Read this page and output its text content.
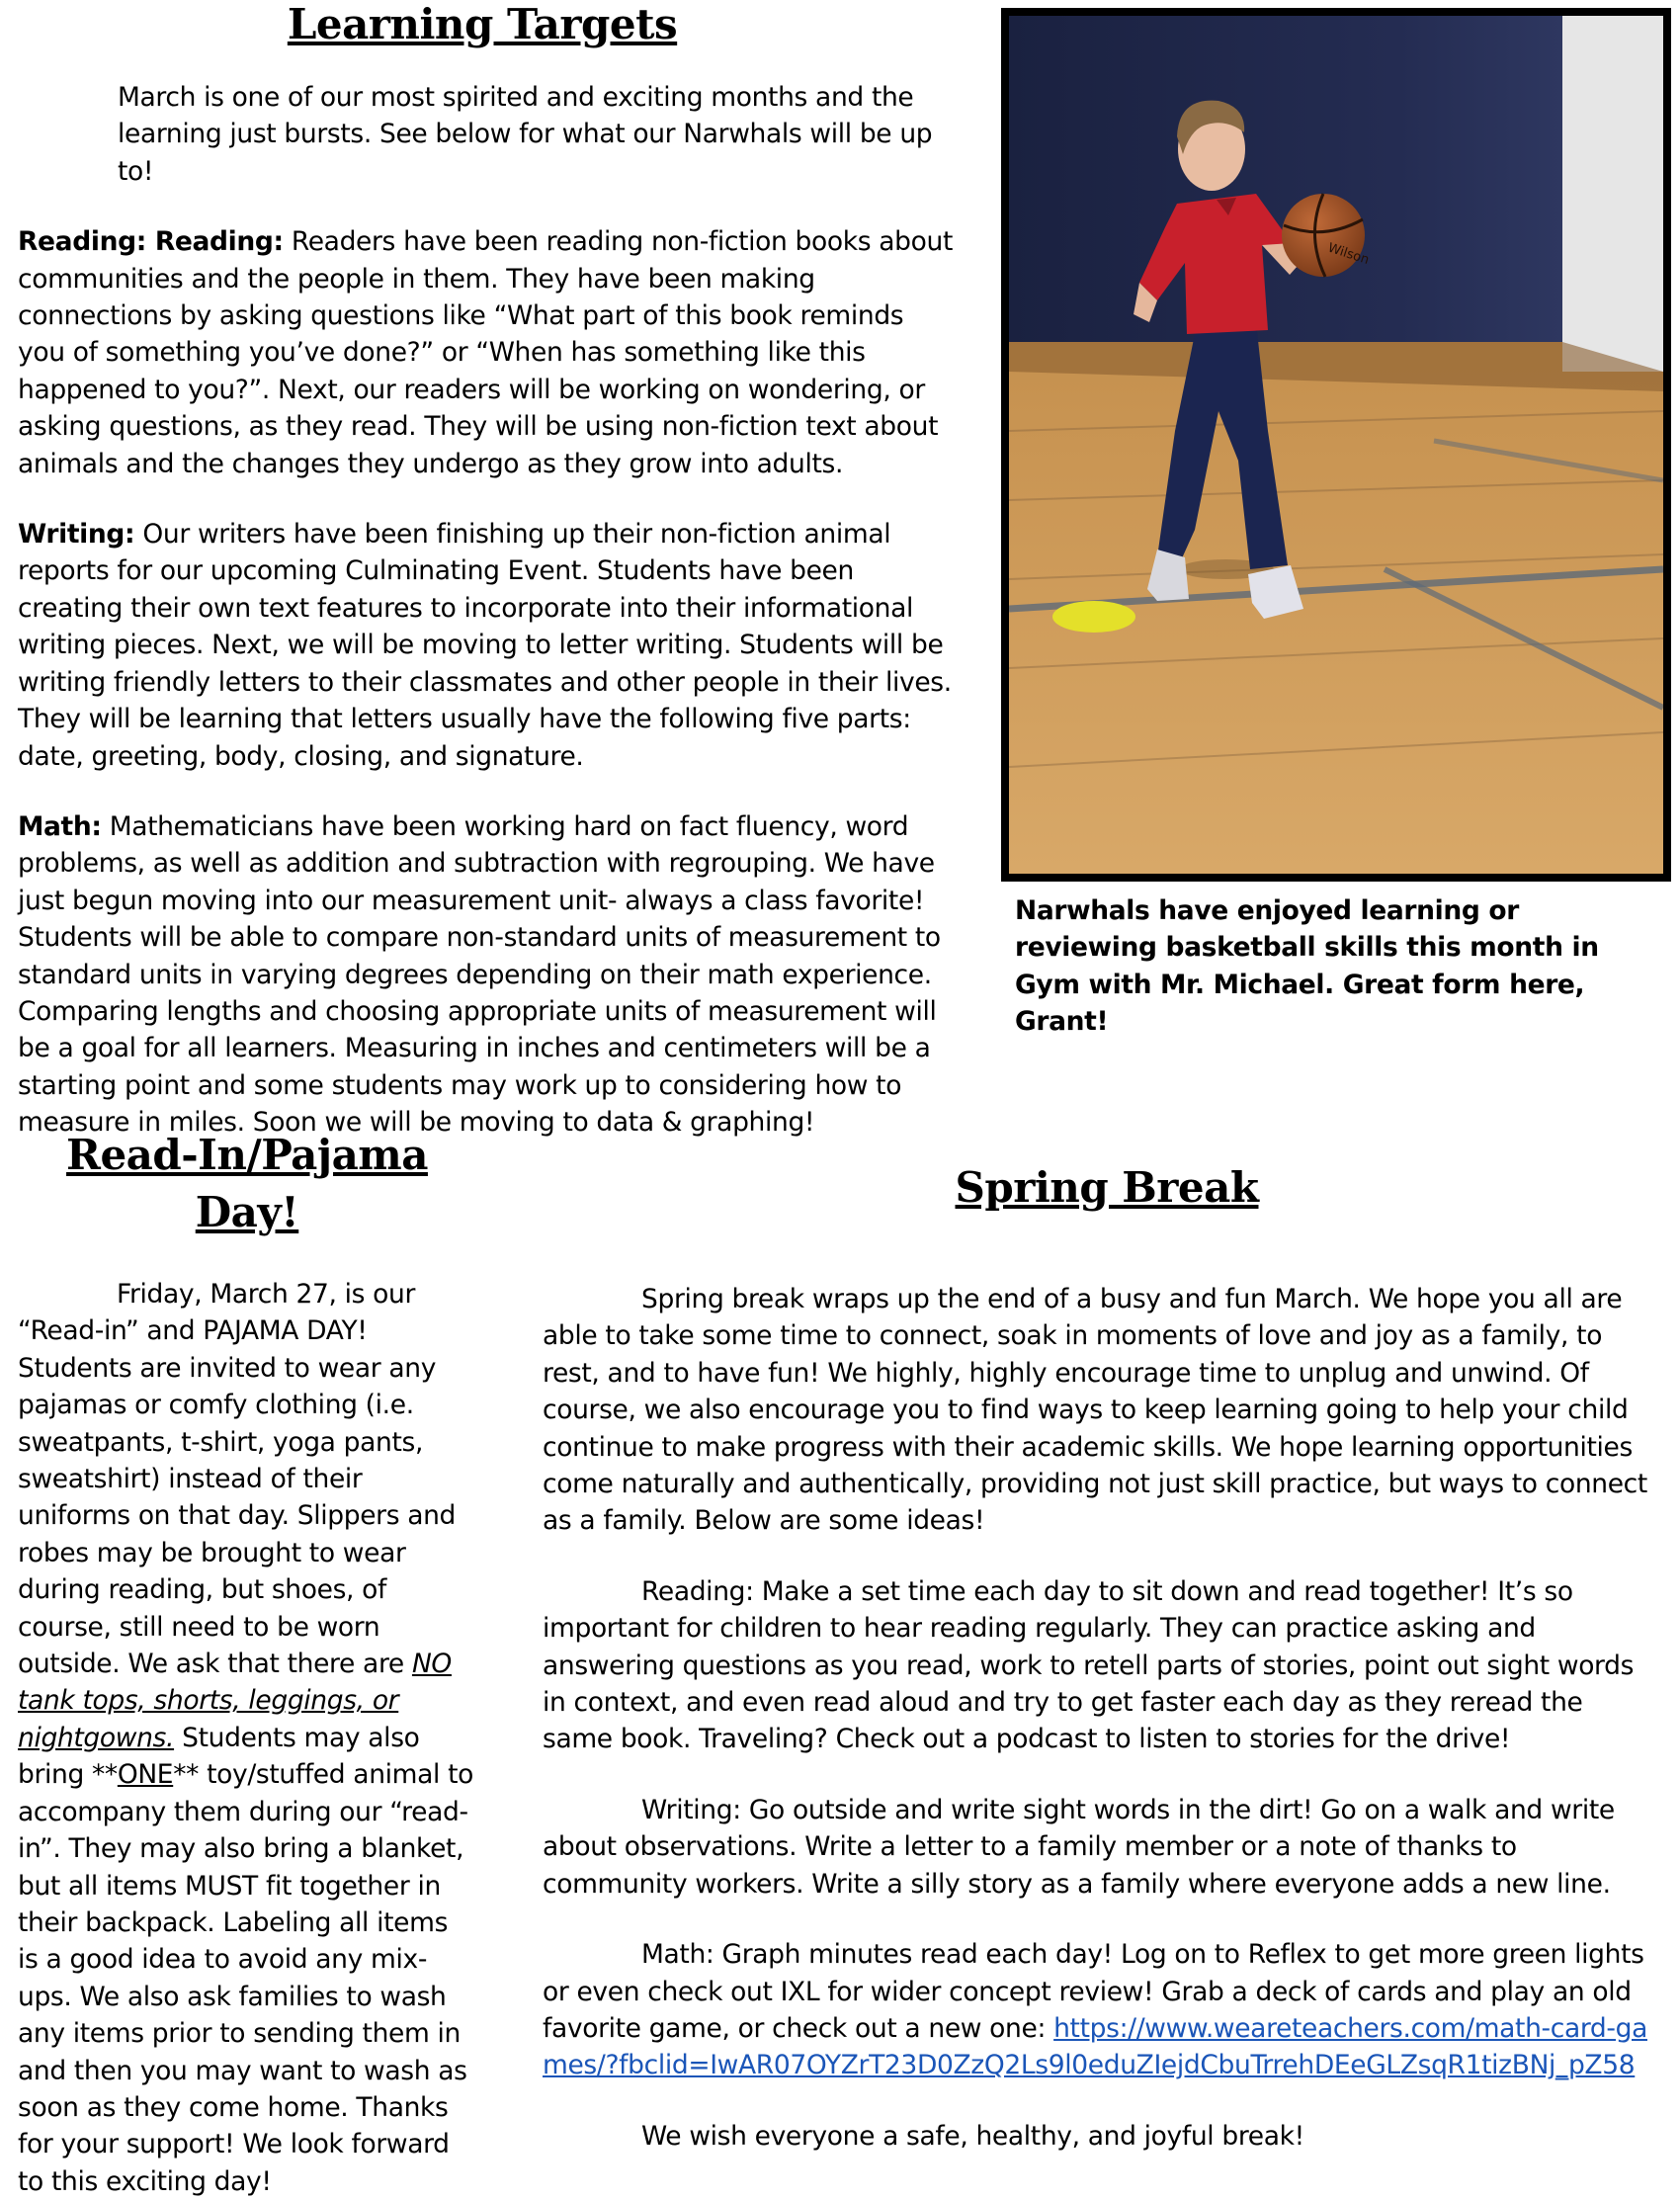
Learning Targets

March is one of our most spirited and exciting months and the learning just bursts. See below for what our Narwhals will be up to!

Reading: Reading: Readers have been reading non-fiction books about communities and the people in them. They have been making connections by asking questions like “What part of this book reminds you of something you’ve done?” or “When has something like this happened to you?”. Next, our readers will be working on wondering, or asking questions, as they read. They will be using non-fiction text about animals and the changes they undergo as they grow into adults.

Writing: Our writers have been finishing up their non-fiction animal reports for our upcoming Culminating Event. Students have been creating their own text features to incorporate into their informational writing pieces. Next, we will be moving to letter writing. Students will be writing friendly letters to their classmates and other people in their lives. They will be learning that letters usually have the following five parts: date, greeting, body, closing, and signature.

Math: Mathematicians have been working hard on fact fluency, word problems, as well as addition and subtraction with regrouping. We have just begun moving into our measurement unit- always a class favorite! Students will be able to compare non-standard units of measurement to standard units in varying degrees depending on their math experience. Comparing lengths and choosing appropriate units of measurement will be a goal for all learners. Measuring in inches and centimeters will be a starting point and some students may work up to considering how to measure in miles. Soon we will be moving to data & graphing!

Wilson
Narwhals have enjoyed learning or reviewing basketball skills this month in Gym with Mr. Michael. Great form here, Grant!
Read-In/Pajama
Day!

Friday, March 27, is our “Read-in” and PAJAMA DAY! Students are invited to wear any pajamas or comfy clothing (i.e. sweatpants, t-shirt, yoga pants, sweatshirt) instead of their uniforms on that day. Slippers and robes may be brought to wear during reading, but shoes, of course, still need to be worn outside. We ask that there are NO tank tops, shorts, leggings, or nightgowns. Students may also bring **ONE** toy/stuffed animal to accompany them during our “read-in”. They may also bring a blanket, but all items MUST fit together in their backpack. Labeling all items is a good idea to avoid any mix-ups. We also ask families to wash any items prior to sending them in and then you may want to wash as soon as they come home. Thanks for your support! We look forward to this exciting day!

Spring Break

Spring break wraps up the end of a busy and fun March. We hope you all are able to take some time to connect, soak in moments of love and joy as a family, to rest, and to have fun! We highly, highly encourage time to unplug and unwind. Of course, we also encourage you to find ways to keep learning going to help your child continue to make progress with their academic skills. We hope learning opportunities come naturally and authentically, providing not just skill practice, but ways to connect as a family. Below are some ideas!

Reading: Make a set time each day to sit down and read together! It’s so important for children to hear reading regularly. They can practice asking and answering questions as you read, work to retell parts of stories, point out sight words in context, and even read aloud and try to get faster each day as they reread the same book. Traveling? Check out a podcast to listen to stories for the drive!

Writing: Go outside and write sight words in the dirt! Go on a walk and write about observations. Write a letter to a family member or a note of thanks to community workers. Write a silly story as a family where everyone adds a new line.

Math: Graph minutes read each day! Log on to Reflex to get more green lights or even check out IXL for wider concept review! Grab a deck of cards and play an old favorite game, or check out a new one: https://www.weareteachers.com/math-card-games/?fbclid=IwAR07OYZrT23D0ZzQ2Ls9l0eduZIejdCbuTrrehDEeGLZsqR1tizBNj_pZ58

We wish everyone a safe, healthy, and joyful break!
